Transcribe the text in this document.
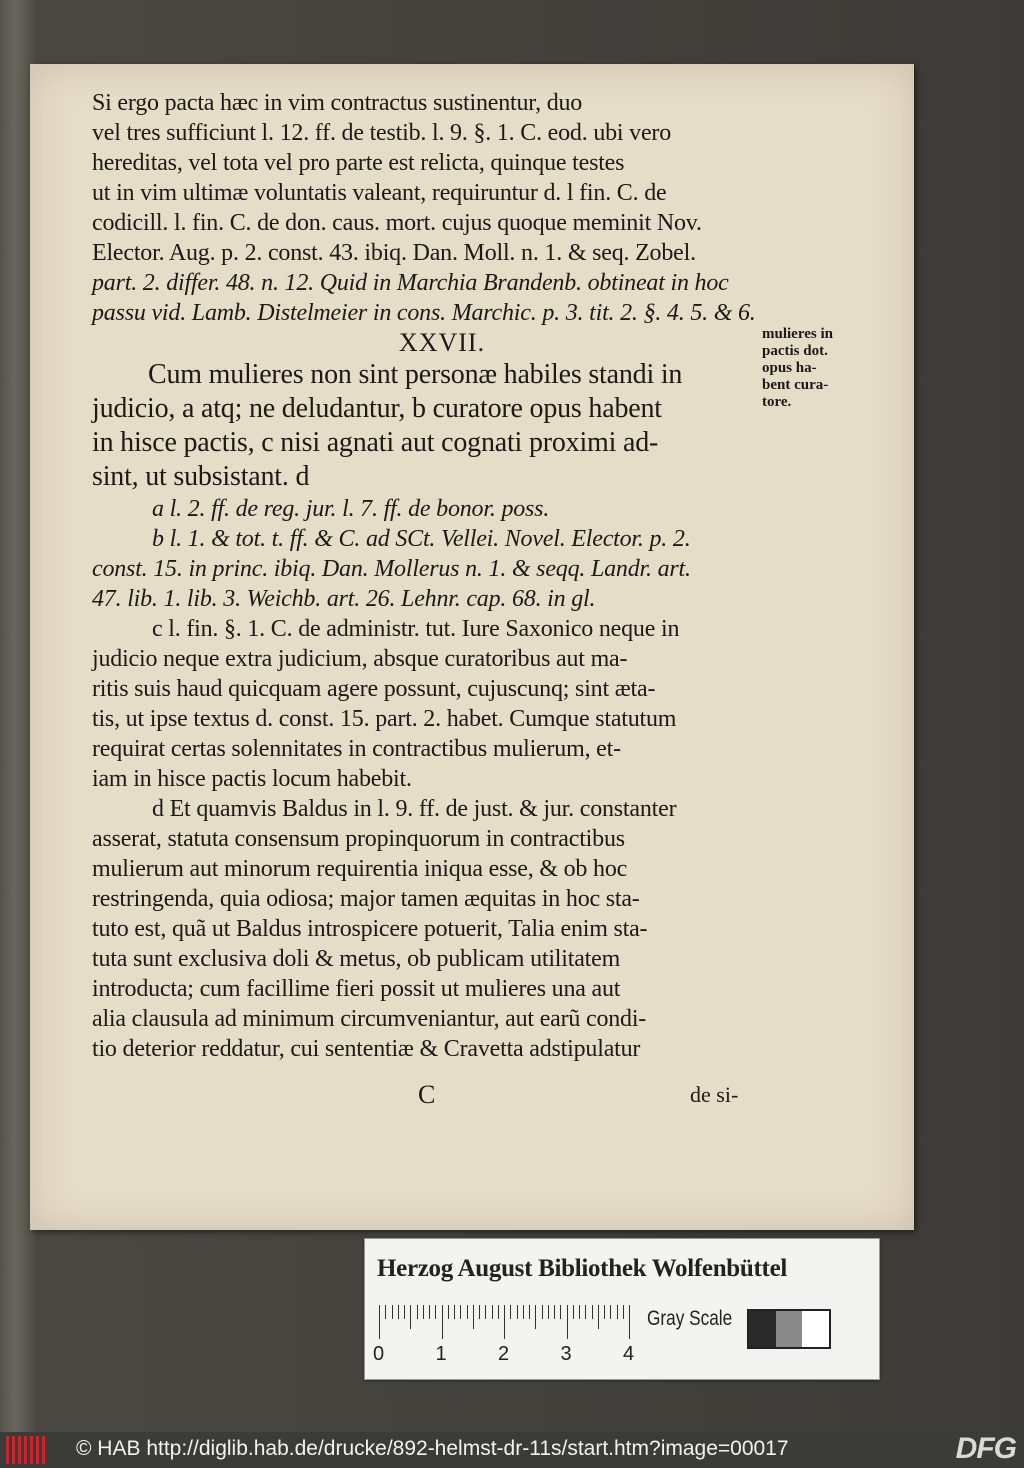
Si ergo pacta hæc in vim contractus sustinentur, duo
vel tres sufficiunt l. 12. ff. de testib. l. 9. §. 1. C. eod. ubi vero
hereditas, vel tota vel pro parte est relicta, quinque testes
ut in vim ultimæ voluntatis valeant, requiruntur d. l fin. C. de
codicill. l. fin. C. de don. caus. mort. cujus quoque meminit Nov.
Elector. Aug. p. 2. const. 43. ibiq. Dan. Moll. n. 1. & seq. Zobel.
part. 2. differ. 48. n. 12. Quid in Marchia Brandenb. obtineat in hoc
passu vid. Lamb. Distelmeier in cons. Marchic. p. 3. tit. 2. §. 4. 5. & 6.
XXVII.
Cum mulieres non sint personæ habiles standi in
judicio, a atq; ne deludantur, b curatore opus habent
in hisce pactis, c nisi agnati aut cognati proximi ad-
sint, ut subsistant. d
a l. 2. ff. de reg. jur. l. 7. ff. de bonor. poss.
b l. 1. & tot. t. ff. & C. ad SCt. Vellei. Novel. Elector. p. 2.
const. 15. in princ. ibiq. Dan. Mollerus n. 1. & seqq. Landr. art.
47. lib. 1. lib. 3. Weichb. art. 26. Lehnr. cap. 68. in gl.
c l. fin. §. 1. C. de administr. tut. Iure Saxonico neque in
judicio neque extra judicium, absque curatoribus aut ma-
ritis suis haud quicquam agere possunt, cujuscunq; sint æta-
tis, ut ipse textus d. const. 15. part. 2. habet. Cumque statutum
requirat certas solennitates in contractibus mulierum, et-
iam in hisce pactis locum habebit.
d Et quamvis Baldus in l. 9. ff. de just. & jur. constanter
asserat, statuta consensum propinquorum in contractibus
mulierum aut minorum requirentia iniqua esse, & ob hoc
restringenda, quia odiosa; major tamen æquitas in hoc sta-
tuto est, quã ut Baldus introspicere potuerit, Talia enim sta-
tuta sunt exclusiva doli & metus, ob publicam utilitatem
introducta; cum facillime fieri possit ut mulieres una aut
alia clausula ad minimum circumveniantur, aut earũ condi-
tio deterior reddatur, cui sententiæ & Cravetta adstipulatur
mulieres in
pactis dot.
opus ha-
bent cura-
tore.
C	de si-
Herzog August Bibliothek Wolfenbüttel
0	1	2	3	4
Gray Scale
© HAB http://diglib.hab.de/drucke/892-helmst-dr-11s/start.htm?image=00017	DFG
